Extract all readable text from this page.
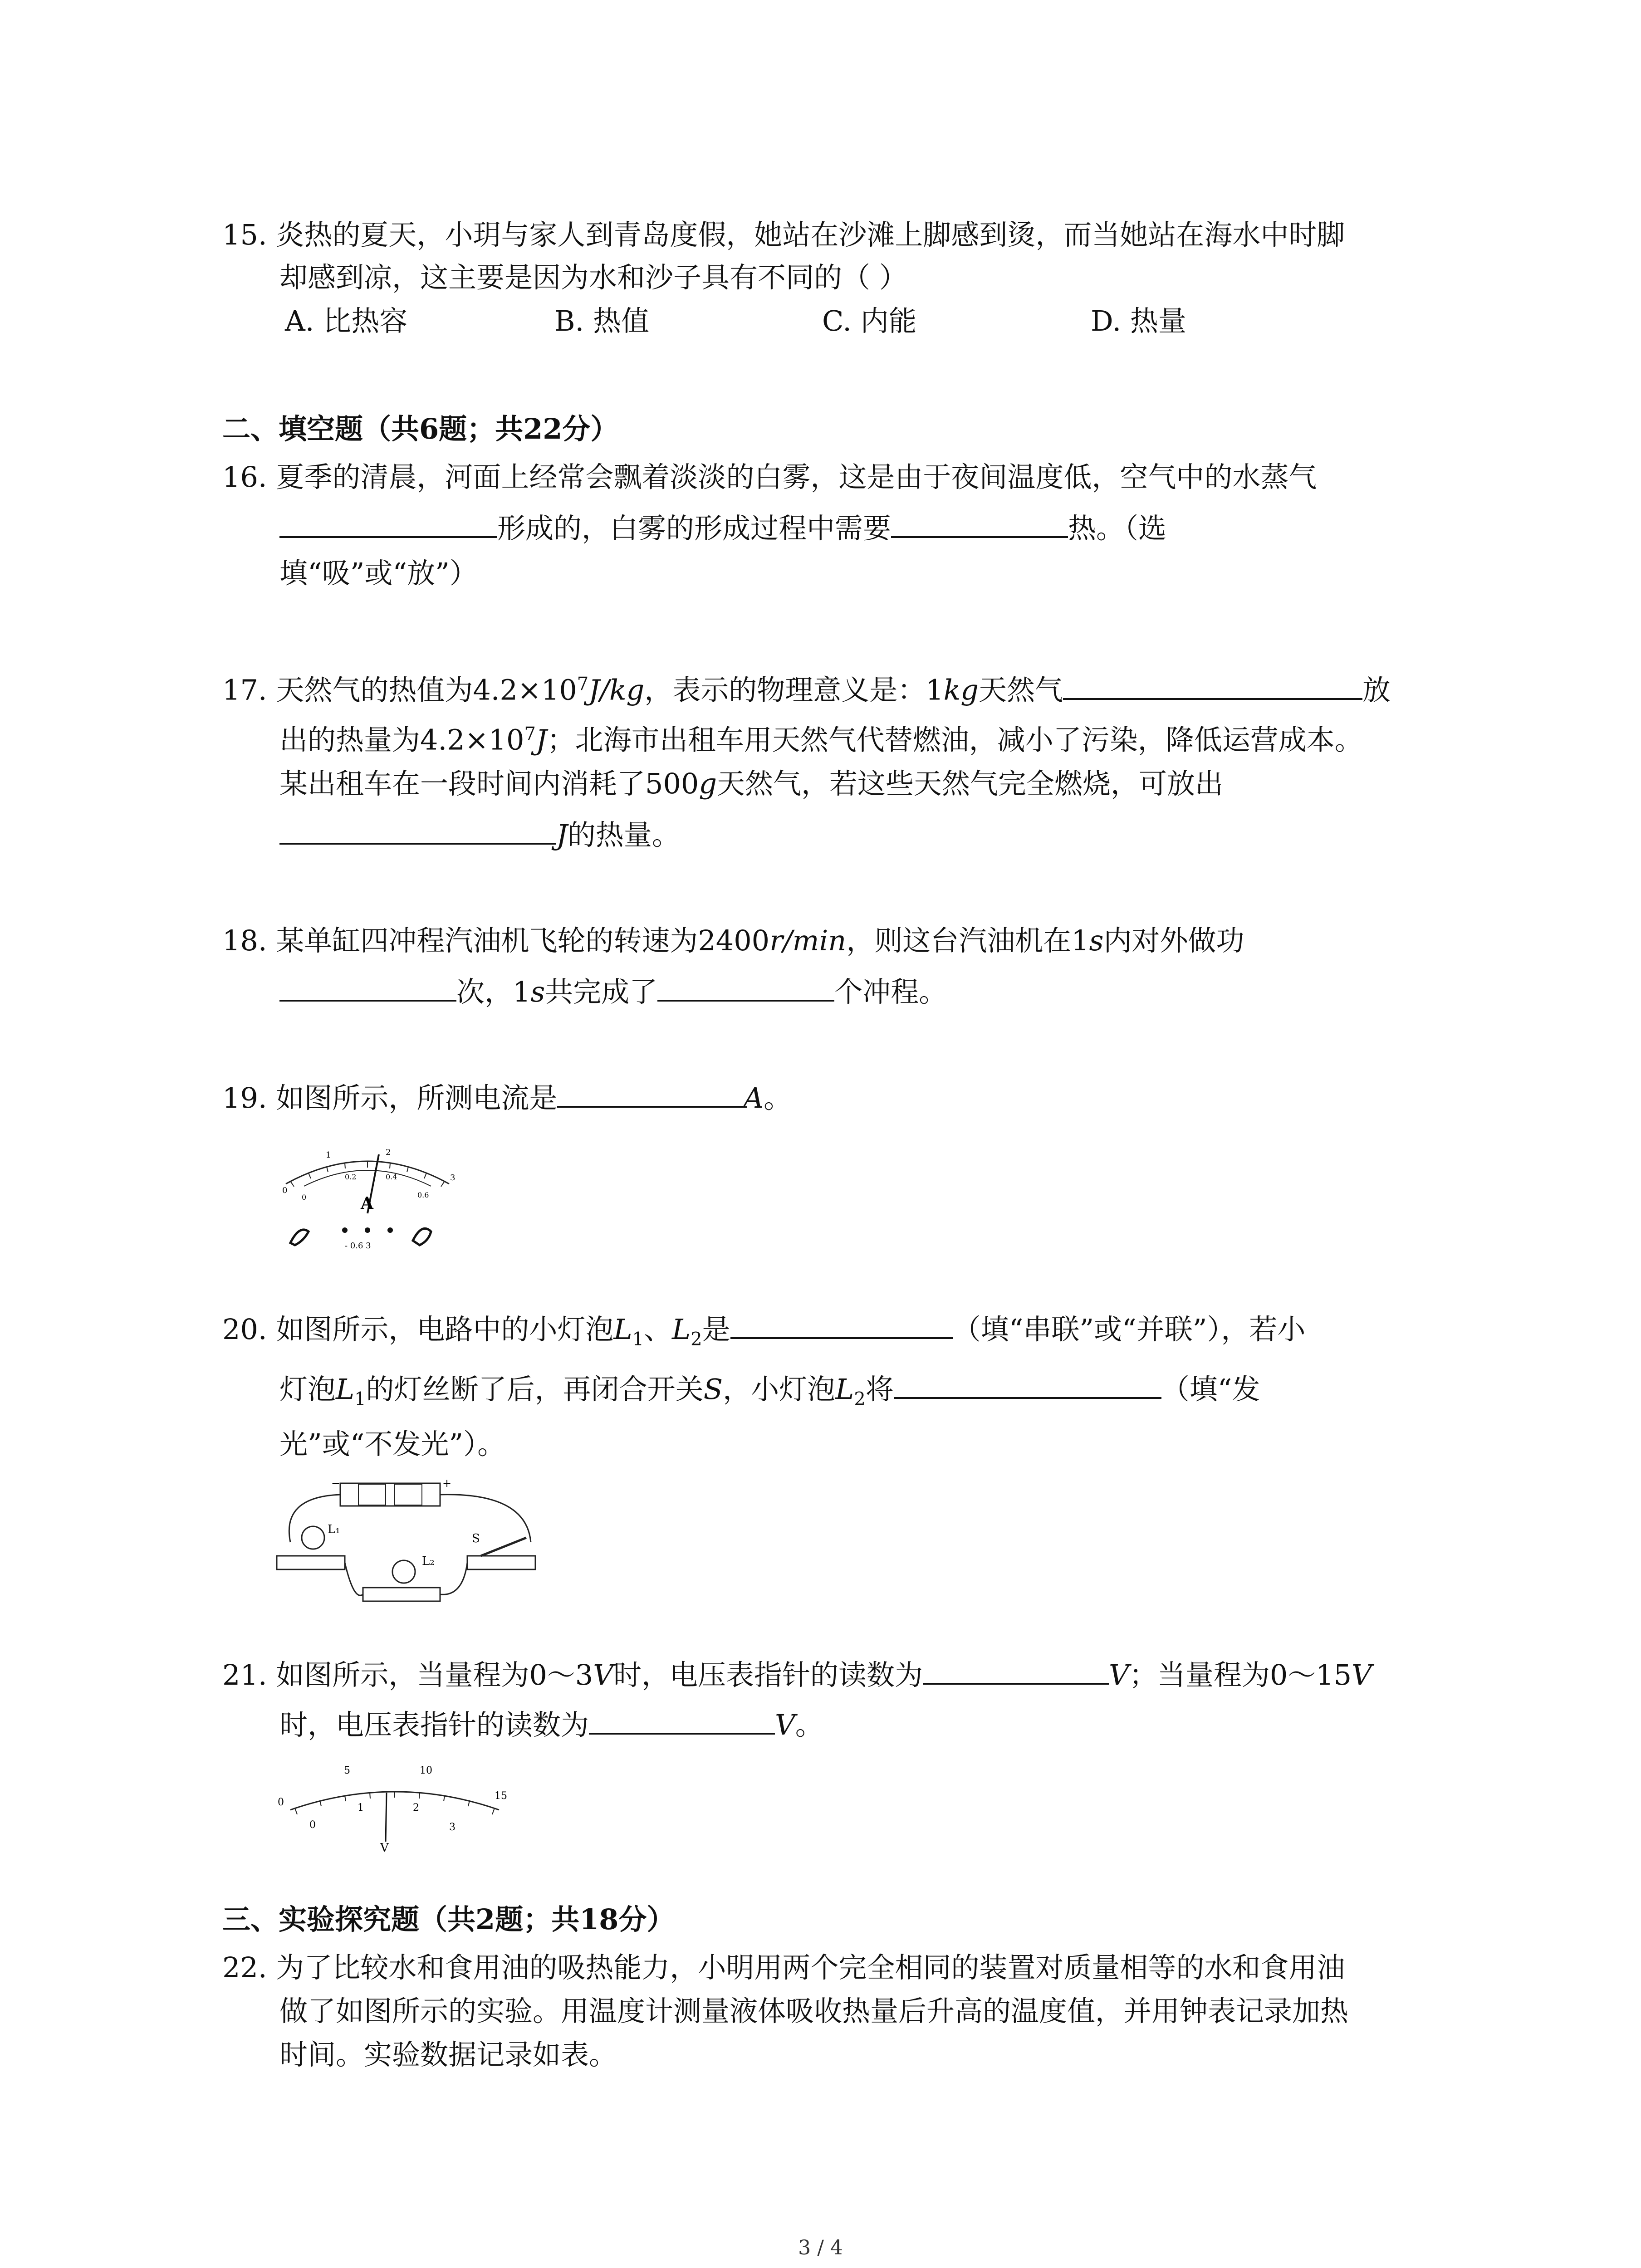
15. 炎热的夏天，小玥与家人到青岛度假，她站在沙滩上脚感到烫，而当她站在海水中时脚
却感到凉，这主要是因为水和沙子具有不同的（ ）
A. 比热容	B. 热值	C. 内能	D. 热量
二、填空题（共6题；共22分）
16. 夏季的清晨，河面上经常会飘着淡淡的白雾，这是由于夜间温度低，空气中的水蒸气
形成的，白雾的形成过程中需要	热。（选
填“吸”或“放”）
17. 天然气的热值为$4.2\times 10^7J/kg$，表示的物理意义是：1kg天然气	放
出的热量为$4.2\times 10^7J$；北海市出租车用天然气代替燃油，减小了污染，降低运营成本。
某出租车在一段时间内消耗了500g天然气，若这些天然气完全燃烧，可放出
J的热量。
18. 某单缸四冲程汽油机飞轮的转速为2400r/min，则这台汽油机在1s内对外做功
次，1s共完成了	个冲程。
19. 如图所示，所测电流是	A。
0
1	2
3
0
0.2	0.4
0.6
A
- 0.6 3
20. 如图所示，电路中的小灯泡$L_1$、$L_2$是	（填“串联”或“并联”），若小
灯泡$L_1$的灯丝断了后，再闭合开关S，小灯泡$L_2$将	（填“发
光”或“不发光”）。
−	+
L₁
L₂
S
21. 如图所示，当量程为0～3V时，电压表指针的读数为	V；当量程为0～15V
时，电压表指针的读数为	V。
0
5	10
15
0
1	2
3
V
三、实验探究题（共2题；共18分）
22. 为了比较水和食用油的吸热能力，小明用两个完全相同的装置对质量相等的水和食用油
做了如图所示的实验。用温度计测量液体吸收热量后升高的温度值，并用钟表记录加热
时间。实验数据记录如表。
3 / 4
